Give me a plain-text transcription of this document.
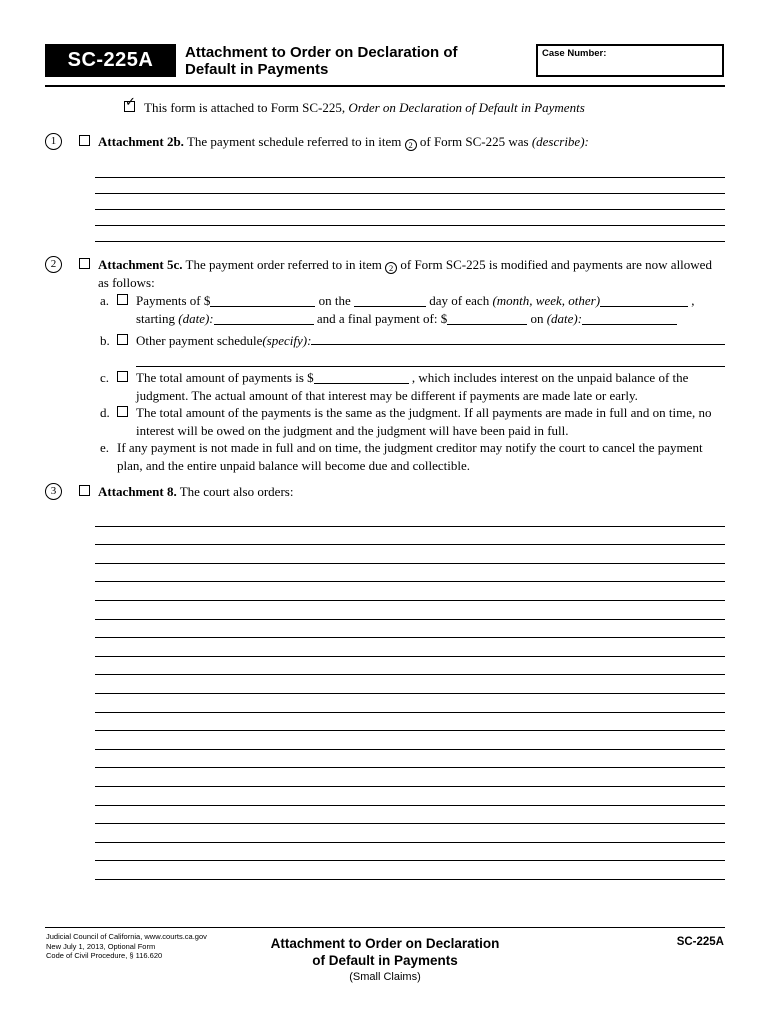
SC-225A Attachment to Order on Declaration of
Default in Payments
Case Number:
✓ This form is attached to Form SC-225, Order on Declaration of Default in Payments
1	Attachment 2b. The payment schedule referred to in item 2 of Form SC-225 was (describe):
2	Attachment 5c. The payment order referred to in item 2 of Form SC-225 is modified and payments are now allowed as follows:
a.	Payments of $	on the	day of each (month, week, other)	,
starting (date):	and a final payment of: $	on (date):
b.	Other payment schedule (specify):
c.	The total amount of payments is $	, which includes interest on the unpaid balance of the judgment. The actual amount of that interest may be different if payments are made late or early.
d.	The total amount of the payments is the same as the judgment. If all payments are made in full and on time, no interest will be owed on the judgment and the judgment will have been paid in full.
e. If any payment is not made in full and on time, the judgment creditor may notify the court to cancel the payment plan, and the entire unpaid balance will become due and collectible.
3	Attachment 8. The court also orders:
Judicial Council of California, www.courts.ca.gov
New July 1, 2013, Optional Form
Code of Civil Procedure, § 116.620
Attachment to Order on Declaration
of Default in Payments
(Small Claims)
SC-225A
